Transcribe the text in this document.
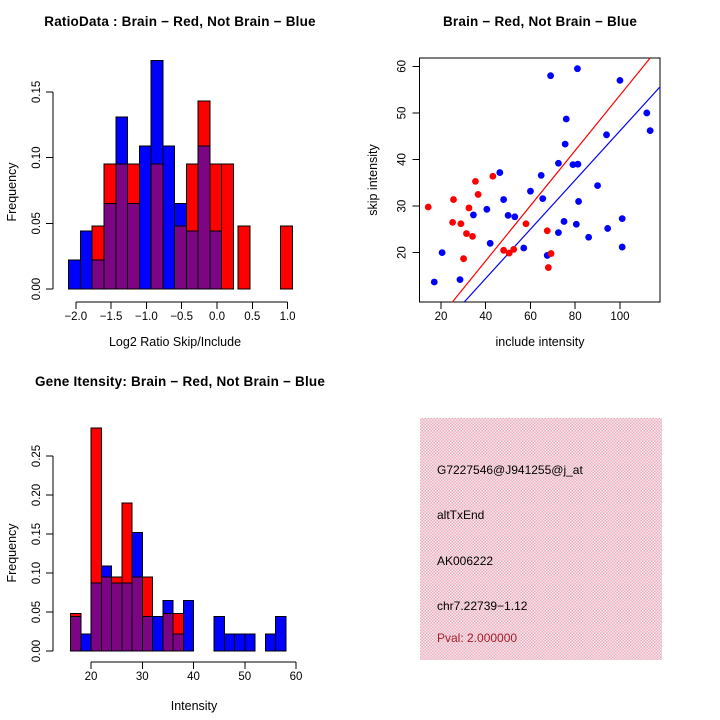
RatioData : Brain − Red, Not Brain − Blue	Brain − Red, Not Brain − Blue
Gene Itensity: Brain − Red, Not Brain − Blue
0.00
0.05
0.10
0.15
−2.0 −1.5 −1.0 −0.5 0.0 0.5 1.0	20	40	60	80	100
20
30
40
50
60
0.00
0.05
0.10
0.15
0.20
0.25
20	30	40	50	60
Log2 Ratio Skip/Include
Frequency
include intensity
skip intensity
Intensity
Frequency
G7227546@J941255@j_at
altTxEnd
AK006222
chr7.22739−1.12
Pval: 2.000000
